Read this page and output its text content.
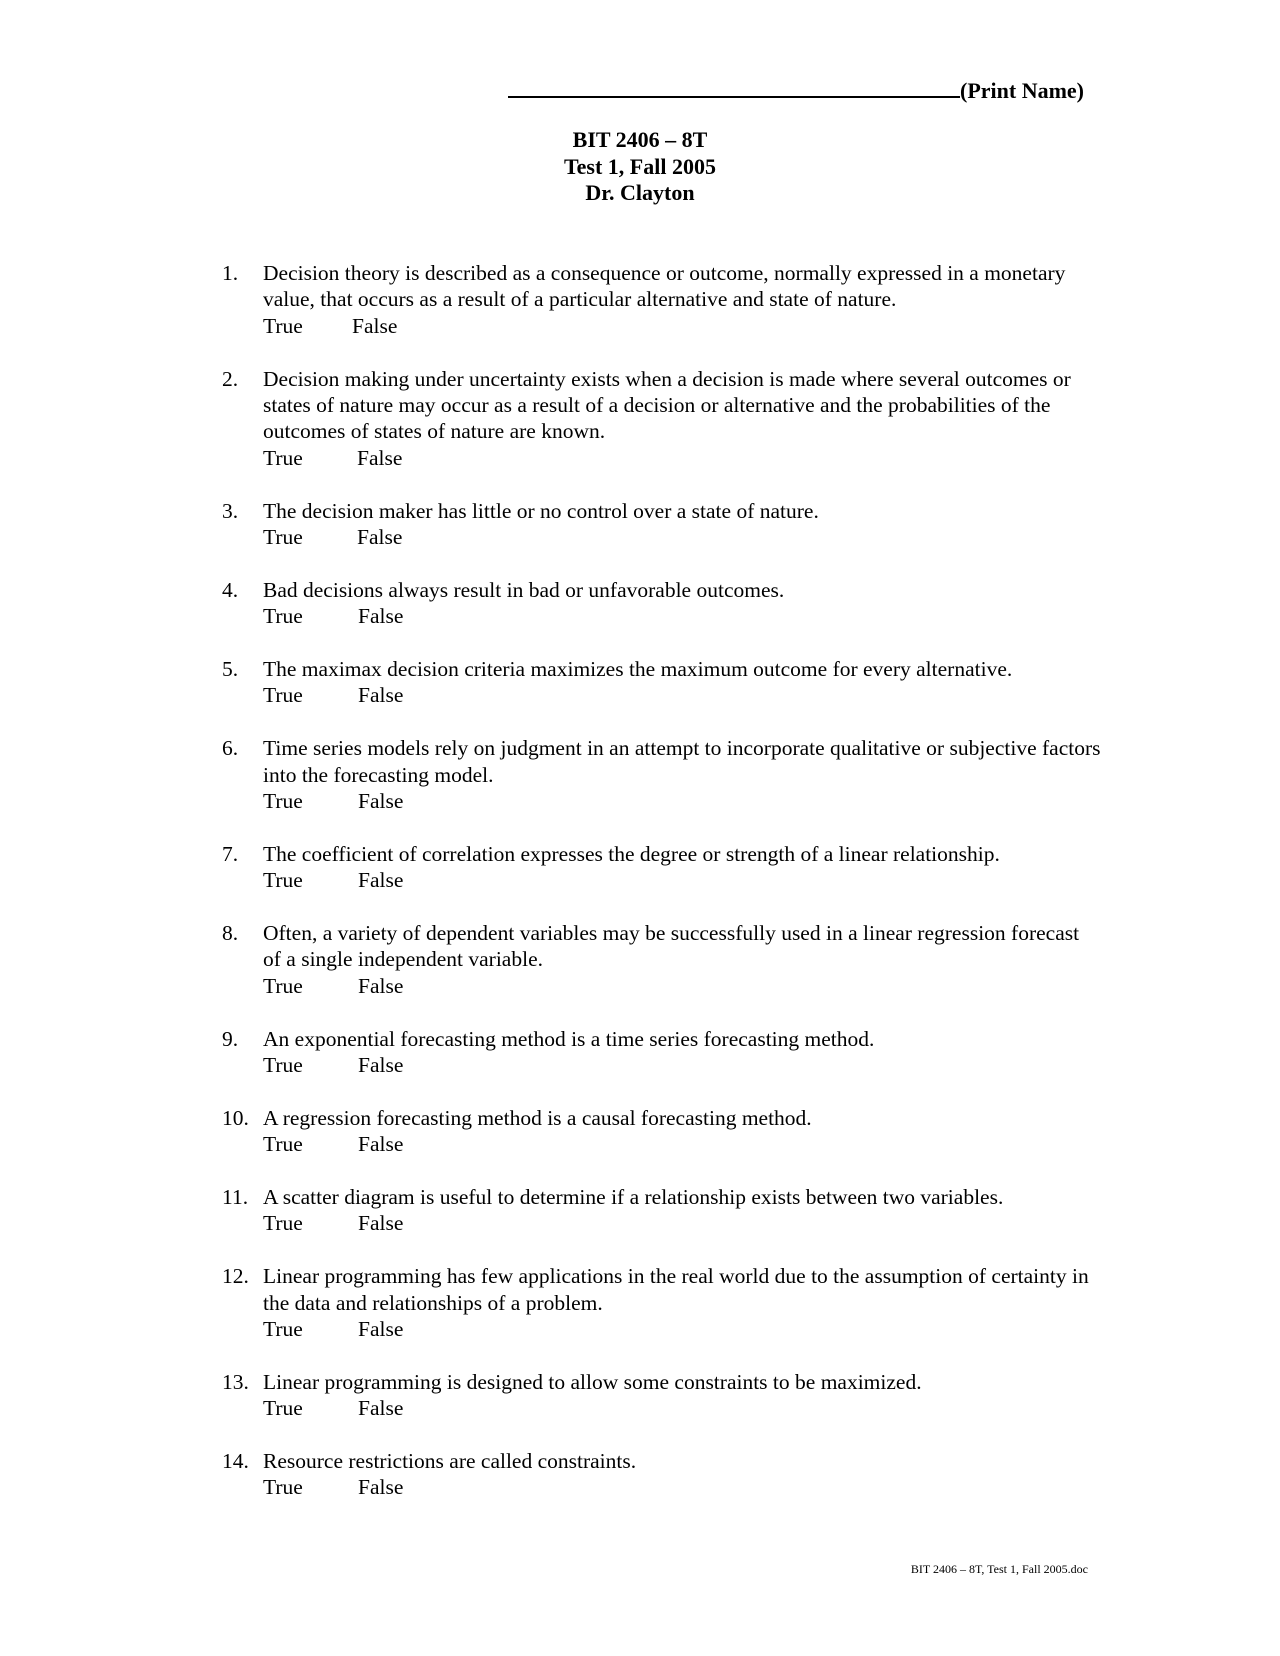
(Print Name)
BIT 2406 – 8T
Test 1, Fall 2005
Dr. Clayton
1. Decision theory is described as a consequence or outcome, normally expressed in a monetary value, that occurs as a result of a particular alternative and state of nature.
True False
2. Decision making under uncertainty exists when a decision is made where several outcomes or states of nature may occur as a result of a decision or alternative and the probabilities of the outcomes of states of nature are known.
True	False
3. The decision maker has little or no control over a state of nature.
True	False
4. Bad decisions always result in bad or unfavorable outcomes.
True	False
5. The maximax decision criteria maximizes the maximum outcome for every alternative.
True	False
6. Time series models rely on judgment in an attempt to incorporate qualitative or subjective factors into the forecasting model.
True	False
7. The coefficient of correlation expresses the degree or strength of a linear relationship.
True	False
8. Often, a variety of dependent variables may be successfully used in a linear regression forecast of a single independent variable.
True	False
9. An exponential forecasting method is a time series forecasting method.
True	False
10. A regression forecasting method is a causal forecasting method.
True	False
11. A scatter diagram is useful to determine if a relationship exists between two variables.
True	False
12. Linear programming has few applications in the real world due to the assumption of certainty in the data and relationships of a problem.
True	False
13. Linear programming is designed to allow some constraints to be maximized.
True	False
14. Resource restrictions are called constraints.
True	False
BIT 2406 – 8T, Test 1, Fall 2005.doc
